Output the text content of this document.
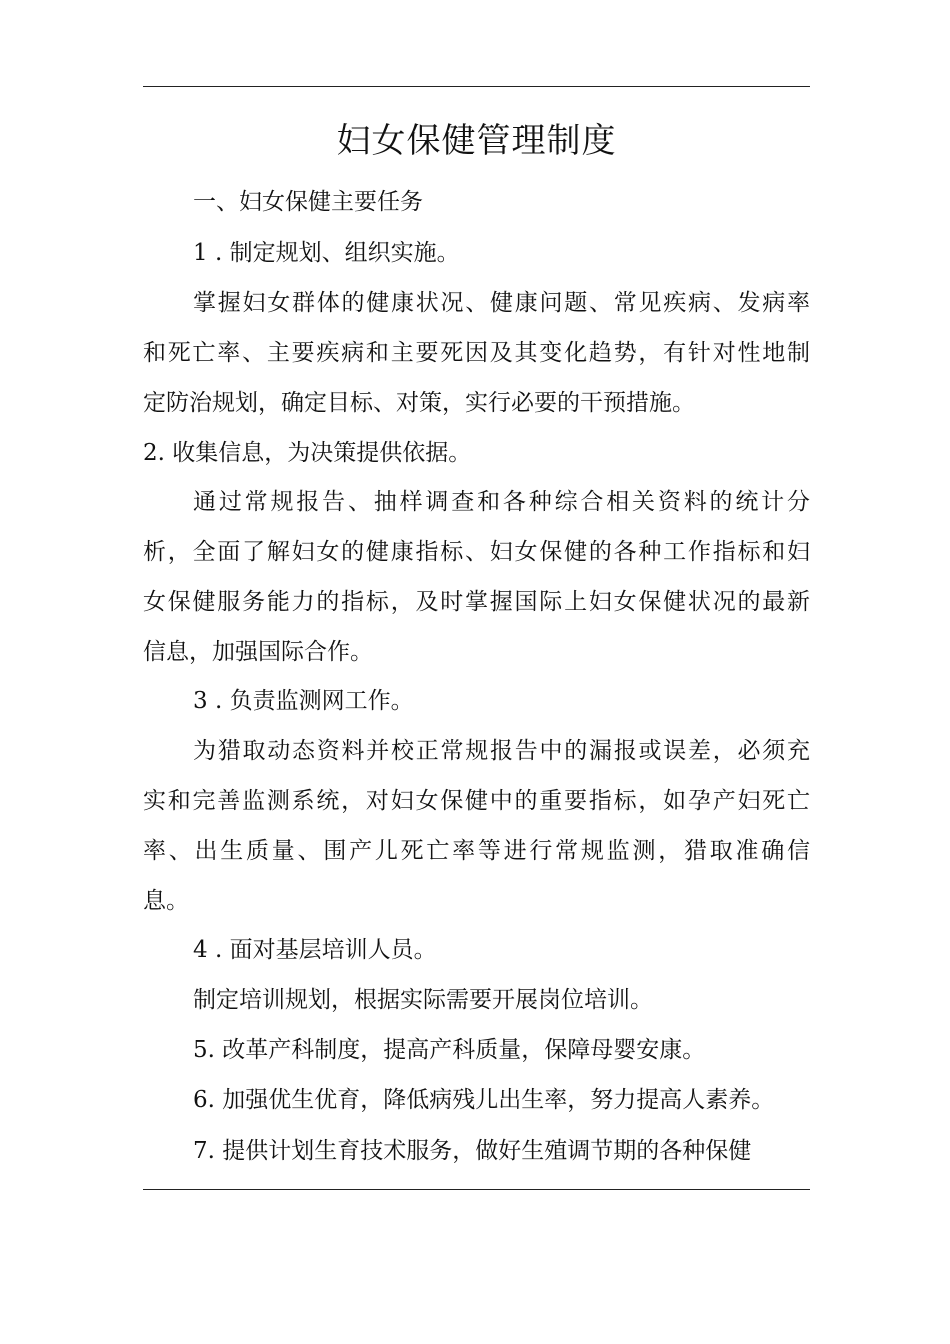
妇女保健管理制度
一、妇女保健主要任务
1 . 制定规划、组织实施。
掌握妇女群体的健康状况、健康问题、常见疾病、发病率
和死亡率、主要疾病和主要死因及其变化趋势，有针对性地制
定防治规划，确定目标、对策，实行必要的干预措施。
2. 收集信息，为决策提供依据。
通过常规报告、抽样调查和各种综合相关资料的统计分
析，全面了解妇女的健康指标、妇女保健的各种工作指标和妇
女保健服务能力的指标，及时掌握国际上妇女保健状况的最新
信息，加强国际合作。
3 . 负责监测网工作。
为猎取动态资料并校正常规报告中的漏报或误差，必须充
实和完善监测系统，对妇女保健中的重要指标，如孕产妇死亡
率、出生质量、围产儿死亡率等进行常规监测，猎取准确信
息。
4 . 面对基层培训人员。
制定培训规划，根据实际需要开展岗位培训。
5. 改革产科制度，提高产科质量，保障母婴安康。
6. 加强优生优育，降低病残儿出生率，努力提高人素养。
7. 提供计划生育技术服务，做好生殖调节期的各种保健
